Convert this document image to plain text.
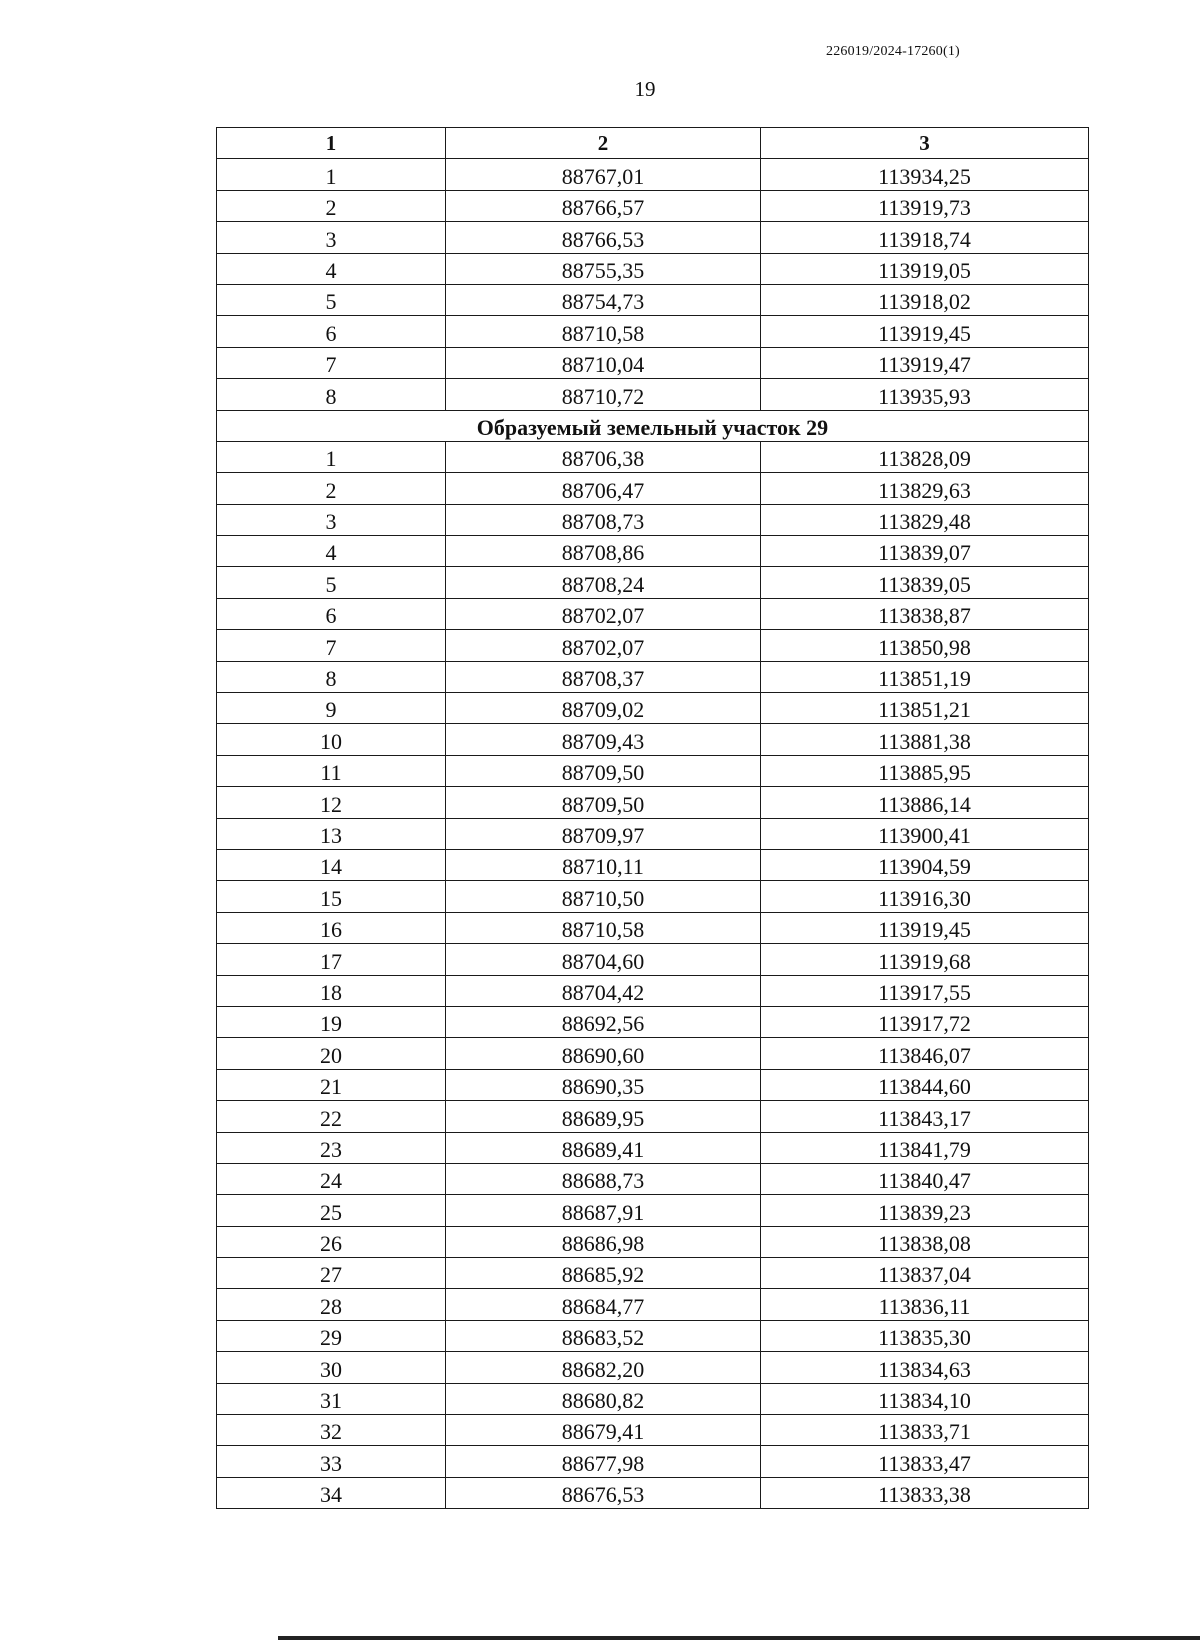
226019/2024-17260(1)
19
1	2	3
1	88767,01	113934,25
2	88766,57	113919,73
3	88766,53	113918,74
4	88755,35	113919,05
5	88754,73	113918,02
6	88710,58	113919,45
7	88710,04	113919,47
8	88710,72	113935,93
Образуемый земельный участок 29		
1	88706,38	113828,09
2	88706,47	113829,63
3	88708,73	113829,48
4	88708,86	113839,07
5	88708,24	113839,05
6	88702,07	113838,87
7	88702,07	113850,98
8	88708,37	113851,19
9	88709,02	113851,21
10	88709,43	113881,38
11	88709,50	113885,95
12	88709,50	113886,14
13	88709,97	113900,41
14	88710,11	113904,59
15	88710,50	113916,30
16	88710,58	113919,45
17	88704,60	113919,68
18	88704,42	113917,55
19	88692,56	113917,72
20	88690,60	113846,07
21	88690,35	113844,60
22	88689,95	113843,17
23	88689,41	113841,79
24	88688,73	113840,47
25	88687,91	113839,23
26	88686,98	113838,08
27	88685,92	113837,04
28	88684,77	113836,11
29	88683,52	113835,30
30	88682,20	113834,63
31	88680,82	113834,10
32	88679,41	113833,71
33	88677,98	113833,47
34	88676,53	113833,38
